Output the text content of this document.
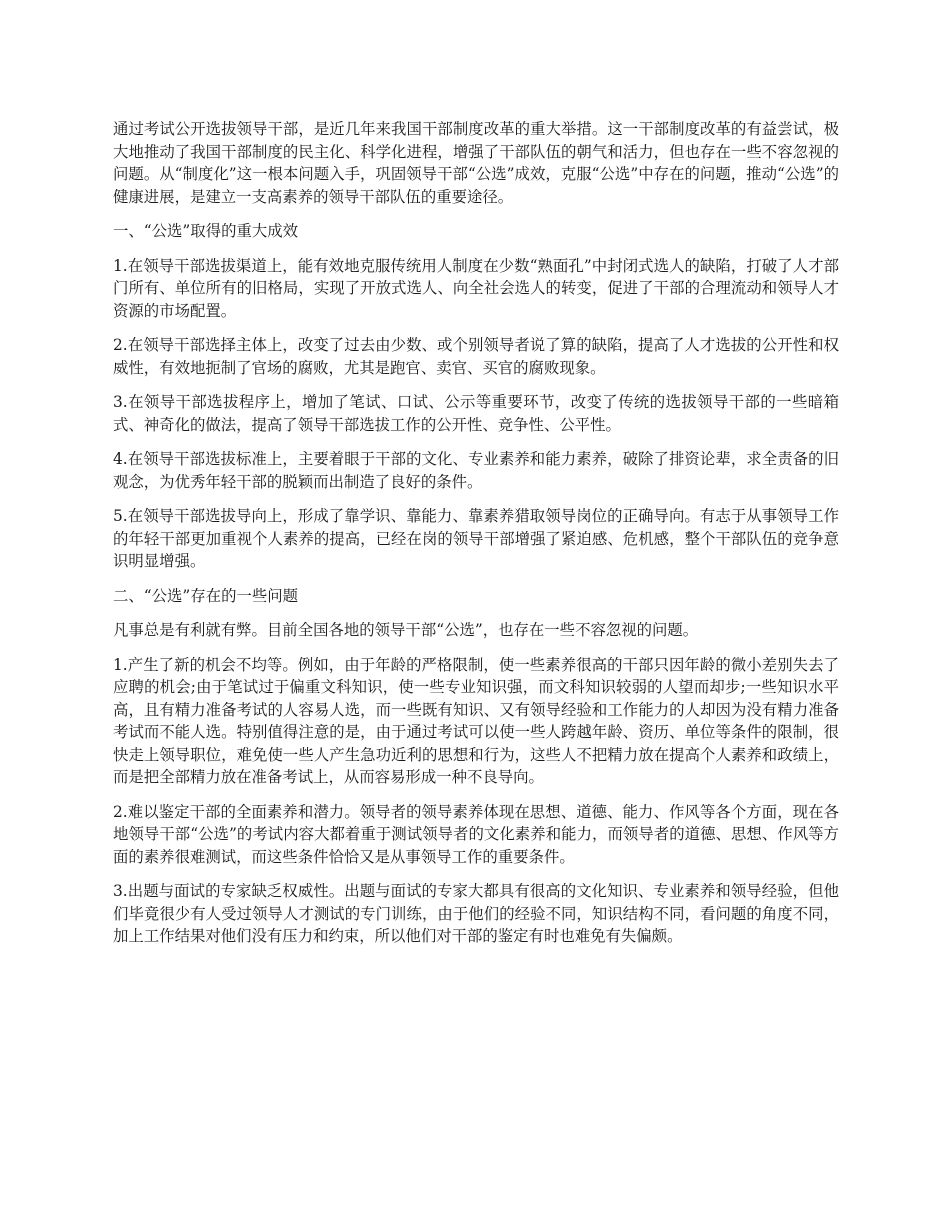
通过考试公开选拔领导干部，是近几年来我国干部制度改革的重大举措。这一干部制度改革的有益尝试，极大地推动了我国干部制度的民主化、科学化进程，增强了干部队伍的朝气和活力，但也存在一些不容忽视的问题。从“制度化”这一根本问题入手，巩固领导干部“公选”成效，克服“公选”中存在的问题，推动“公选”的健康进展，是建立一支高素养的领导干部队伍的重要途径。

一、“公选”取得的重大成效

1.在领导干部选拔渠道上，能有效地克服传统用人制度在少数“熟面孔”中封闭式选人的缺陷，打破了人才部门所有、单位所有的旧格局，实现了开放式选人、向全社会选人的转变，促进了干部的合理流动和领导人才资源的市场配置。

2.在领导干部选择主体上，改变了过去由少数、或个别领导者说了算的缺陷，提高了人才选拔的公开性和权威性，有效地扼制了官场的腐败，尤其是跑官、卖官、买官的腐败现象。

3.在领导干部选拔程序上，增加了笔试、口试、公示等重要环节，改变了传统的选拔领导干部的一些暗箱式、神奇化的做法，提高了领导干部选拔工作的公开性、竞争性、公平性。

4.在领导干部选拔标准上，主要着眼于干部的文化、专业素养和能力素养，破除了排资论辈，求全责备的旧观念，为优秀年轻干部的脱颖而出制造了良好的条件。

5.在领导干部选拔导向上，形成了靠学识、靠能力、靠素养猎取领导岗位的正确导向。有志于从事领导工作的年轻干部更加重视个人素养的提高，已经在岗的领导干部增强了紧迫感、危机感，整个干部队伍的竞争意识明显增强。

二、“公选”存在的一些问题

凡事总是有利就有弊。目前全国各地的领导干部“公选”，也存在一些不容忽视的问题。

1.产生了新的机会不均等。例如，由于年龄的严格限制，使一些素养很高的干部只因年龄的微小差别失去了应聘的机会;由于笔试过于偏重文科知识，使一些专业知识强，而文科知识较弱的人望而却步;一些知识水平高，且有精力准备考试的人容易人选，而一些既有知识、又有领导经验和工作能力的人却因为没有精力准备考试而不能人选。特别值得注意的是，由于通过考试可以使一些人跨越年龄、资历、单位等条件的限制，很快走上领导职位，难免使一些人产生急功近利的思想和行为，这些人不把精力放在提高个人素养和政绩上，而是把全部精力放在准备考试上，从而容易形成一种不良导向。

2.难以鉴定干部的全面素养和潜力。领导者的领导素养体现在思想、道德、能力、作风等各个方面，现在各地领导干部“公选”的考试内容大都着重于测试领导者的文化素养和能力，而领导者的道德、思想、作风等方面的素养很难测试，而这些条件恰恰又是从事领导工作的重要条件。

3.出题与面试的专家缺乏权威性。出题与面试的专家大都具有很高的文化知识、专业素养和领导经验，但他们毕竟很少有人受过领导人才测试的专门训练，由于他们的经验不同，知识结构不同，看问题的角度不同，加上工作结果对他们没有压力和约束，所以他们对干部的鉴定有时也难免有失偏颇。
